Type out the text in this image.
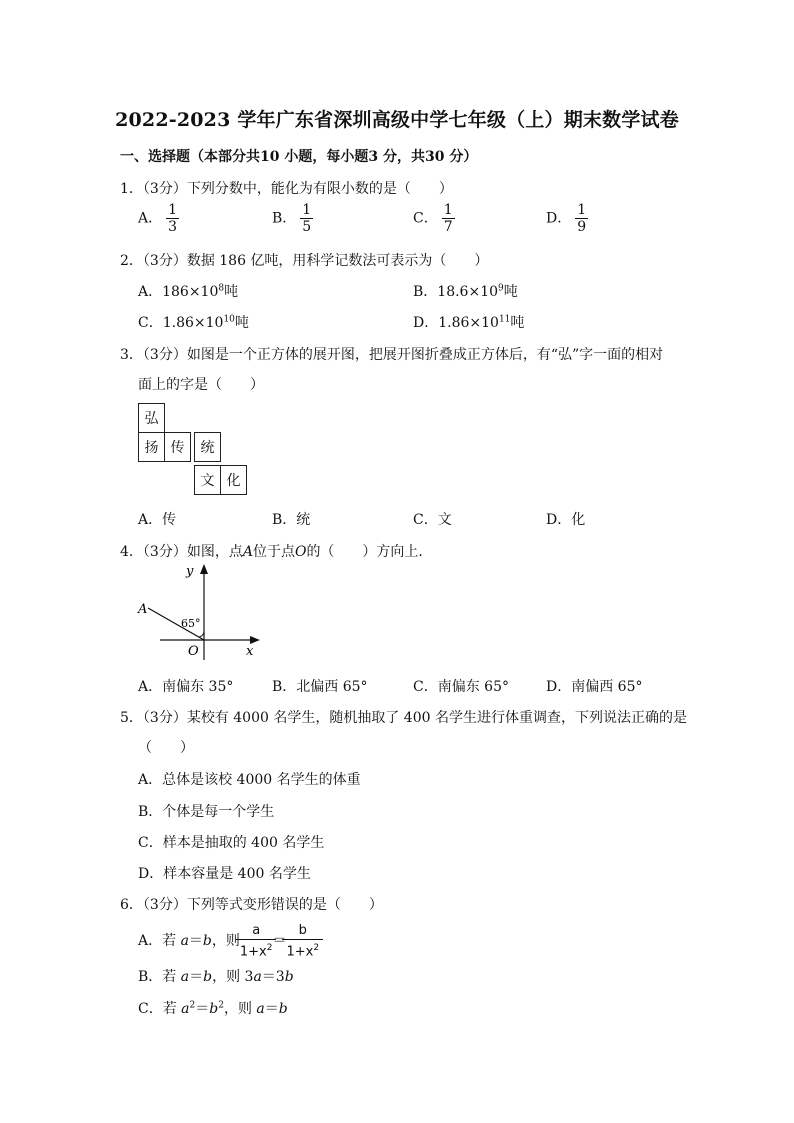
2022-2023 学年广东省深圳高级中学七年级（上）期末数学试卷
一、选择题（本部分共10 小题，每小题3 分，共30 分）
1．（3分）下列分数中，能化为有限小数的是（　　）
A． $\frac{1}{3}$	B． $\frac{1}{5}$	C． $\frac{1}{7}$	D． $\frac{1}{9}$
2．（3分）数据 186 亿吨，用科学记数法可表示为（　　）
A．$186\times 10^8$吨	B．$18.6\times 10^9$吨
C．$1.86\times 10^{10}$吨	D．$1.86\times 10^{11}$吨
3．（3分）如图是一个正方体的展开图，把展开图折叠成正方体后，有“弘”字一面的相对
面上的字是（　　）
弘
扬 传	统
文 化
A．传	B．统	C．文	D．化
4．（3分）如图，点A位于点O的（　　）方向上．
y
x
A
O
65°
A．南偏东 35°	B．北偏西 65°	C．南偏东 65°	D．南偏西 65°
5．（3分）某校有 4000 名学生，随机抽取了 400 名学生进行体重调查，下列说法正确的是
（　　）
A．总体是该校 4000 名学生的体重
B．个体是每一个学生
C．样本是抽取的 400 名学生
D．样本容量是 400 名学生
6．（3分）下列等式变形错误的是（　　）
A．若 a＝b，则 $\frac{a}{1+x^2} = \frac{b}{1+x^2}$
B．若 a＝b，则 3a＝3b
C．若 $a^2=b^2$，则 a＝b
